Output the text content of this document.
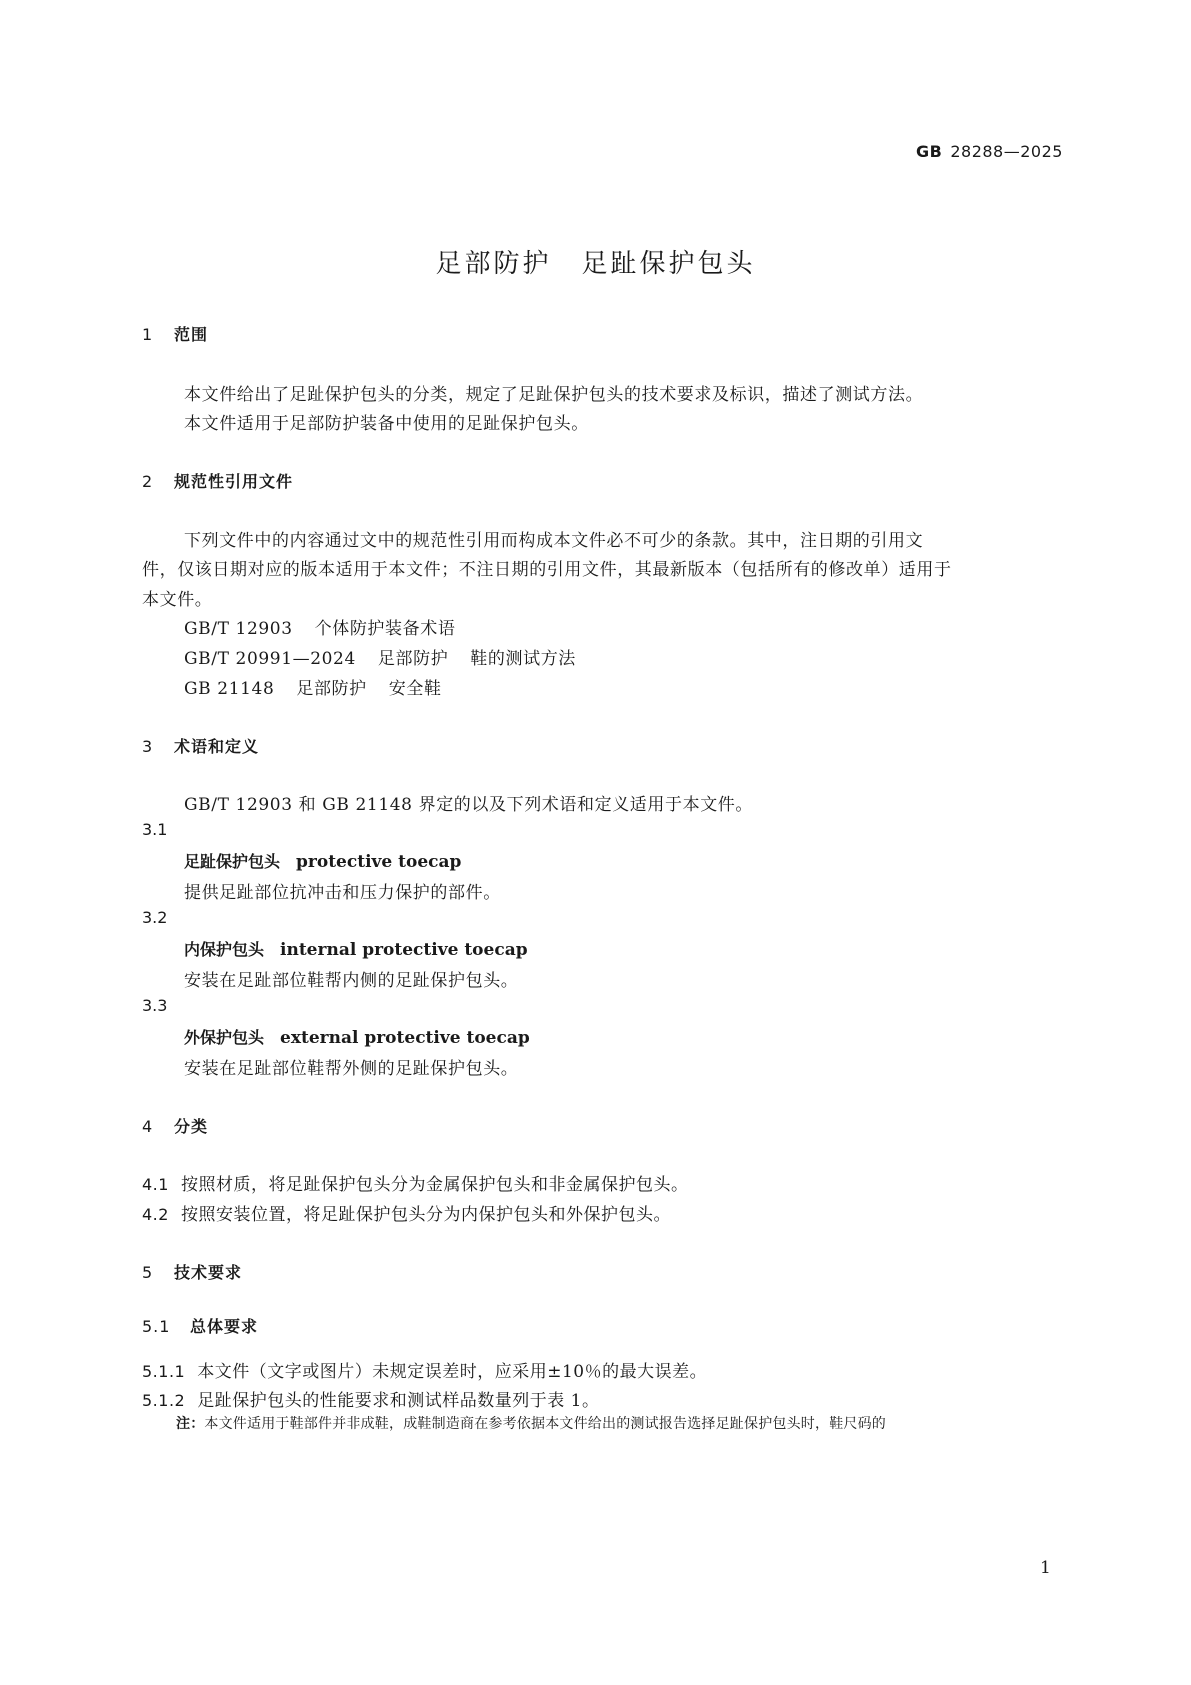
GB 28288—2025
足部防护 足趾保护包头
1 范围
本文件给出了足趾保护包头的分类，规定了足趾保护包头的技术要求及标识，描述了测试方法。
本文件适用于足部防护装备中使用的足趾保护包头。
2 规范性引用文件
下列文件中的内容通过文中的规范性引用而构成本文件必不可少的条款。其中，注日期的引用文
件，仅该日期对应的版本适用于本文件；不注日期的引用文件，其最新版本（包括所有的修改单）适用于
本文件。
GB/T 12903 个体防护装备术语
GB/T 20991—2024 足部防护 鞋的测试方法
GB 21148 足部防护 安全鞋
3 术语和定义
GB/T 12903 和 GB 21148 界定的以及下列术语和定义适用于本文件。
3.1
足趾保护包头 protective toecap
提供足趾部位抗冲击和压力保护的部件。
3.2
内保护包头 internal protective toecap
安装在足趾部位鞋帮内侧的足趾保护包头。
3.3
外保护包头 external protective toecap
安装在足趾部位鞋帮外侧的足趾保护包头。
4 分类
4.1 按照材质，将足趾保护包头分为金属保护包头和非金属保护包头。
4.2 按照安装位置，将足趾保护包头分为内保护包头和外保护包头。
5 技术要求
5.1 总体要求
5.1.1 本文件（文字或图片）未规定误差时，应采用±10％的最大误差。
5.1.2 足趾保护包头的性能要求和测试样品数量列于表 1。
注：本文件适用于鞋部件并非成鞋，成鞋制造商在参考依据本文件给出的测试报告选择足趾保护包头时，鞋尺码的
1
